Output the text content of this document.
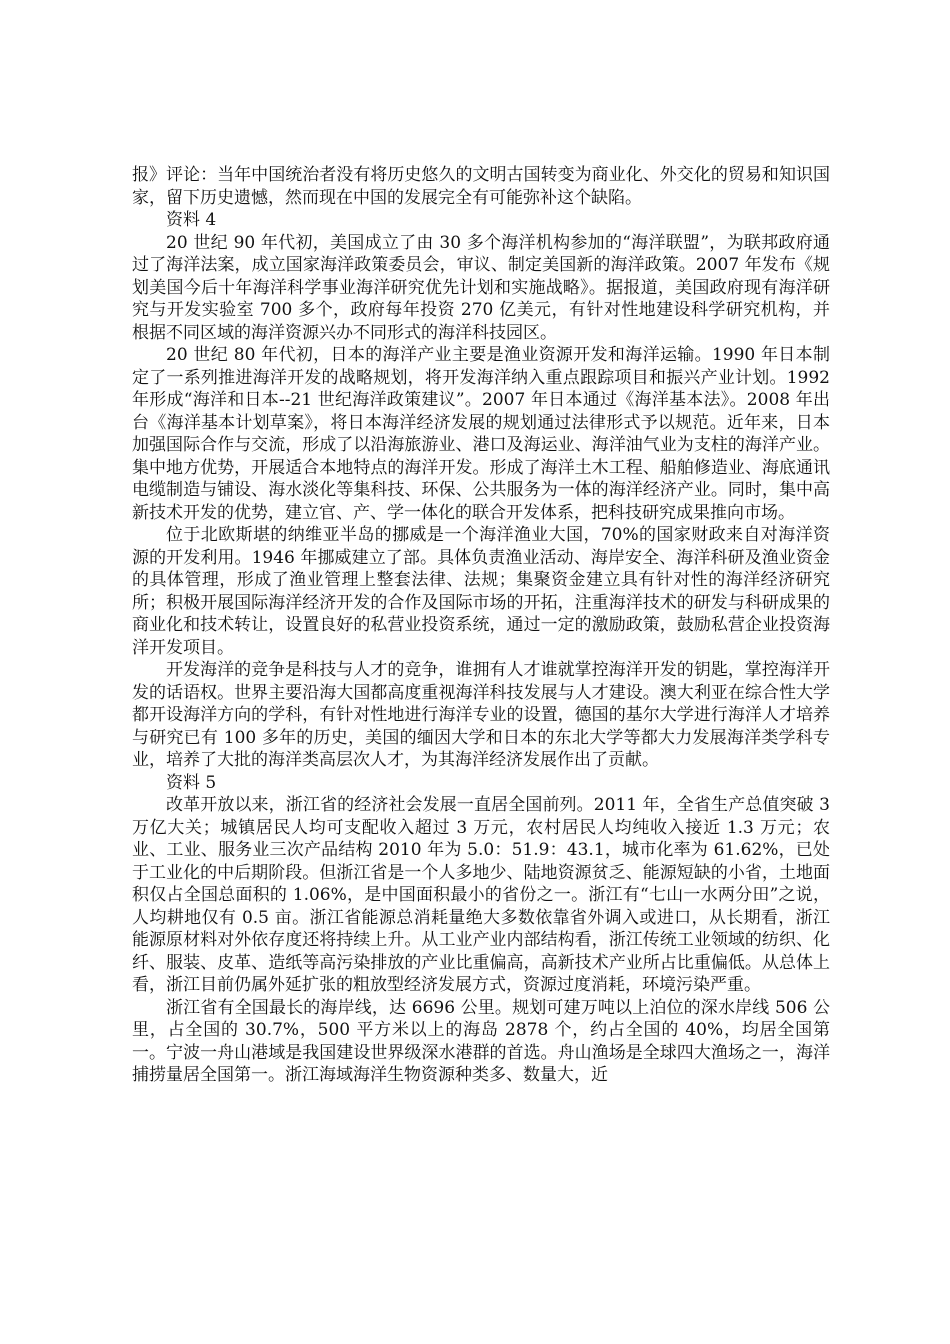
报》评论：当年中国统治者没有将历史悠久的文明古国转变为商业化、外交化的贸易和知识国家，留下历史遗憾，然而现在中国的发展完全有可能弥补这个缺陷。

资料 4

20 世纪 90 年代初，美国成立了由 30 多个海洋机构参加的“海洋联盟”，为联邦政府通过了海洋法案，成立国家海洋政策委员会，审议、制定美国新的海洋政策。2007 年发布《规划美国今后十年海洋科学事业海洋研究优先计划和实施战略》。据报道，美国政府现有海洋研究与开发实验室 700 多个，政府每年投资 270 亿美元，有针对性地建设科学研究机构，并根据不同区域的海洋资源兴办不同形式的海洋科技园区。

20 世纪 80 年代初，日本的海洋产业主要是渔业资源开发和海洋运输。1990 年日本制定了一系列推进海洋开发的战略规划，将开发海洋纳入重点跟踪项目和振兴产业计划。1992 年形成“海洋和日本--21 世纪海洋政策建议”。2007 年日本通过《海洋基本法》。2008 年出台《海洋基本计划草案》，将日本海洋经济发展的规划通过法律形式予以规范。近年来，日本加强国际合作与交流，形成了以沿海旅游业、港口及海运业、海洋油气业为支柱的海洋产业。集中地方优势，开展适合本地特点的海洋开发。形成了海洋土木工程、船舶修造业、海底通讯电缆制造与铺设、海水淡化等集科技、环保、公共服务为一体的海洋经济产业。同时，集中高新技术开发的优势，建立官、产、学一体化的联合开发体系，把科技研究成果推向市场。

位于北欧斯堪的纳维亚半岛的挪威是一个海洋渔业大国，70%的国家财政来自对海洋资源的开发利用。1946 年挪威建立了部。具体负责渔业活动、海岸安全、海洋科研及渔业资金的具体管理，形成了渔业管理上整套法律、法规；集聚资金建立具有针对性的海洋经济研究所；积极开展国际海洋经济开发的合作及国际市场的开拓，注重海洋技术的研发与科研成果的商业化和技术转让，设置良好的私营业投资系统，通过一定的激励政策，鼓励私营企业投资海洋开发项目。

开发海洋的竞争是科技与人才的竞争，谁拥有人才谁就掌控海洋开发的钥匙，掌控海洋开发的话语权。世界主要沿海大国都高度重视海洋科技发展与人才建设。澳大利亚在综合性大学都开设海洋方向的学科，有针对性地进行海洋专业的设置，德国的基尔大学进行海洋人才培养与研究已有 100 多年的历史，美国的缅因大学和日本的东北大学等都大力发展海洋类学科专业，培养了大批的海洋类高层次人才，为其海洋经济发展作出了贡献。

资料 5

改革开放以来，浙江省的经济社会发展一直居全国前列。2011 年，全省生产总值突破 3 万亿大关；城镇居民人均可支配收入超过 3 万元，农村居民人均纯收入接近 1.3 万元；农业、工业、服务业三次产品结构 2010 年为 5.0：51.9：43.1，城市化率为 61.62%，已处于工业化的中后期阶段。但浙江省是一个人多地少、陆地资源贫乏、能源短缺的小省，土地面积仅占全国总面积的 1.06%，是中国面积最小的省份之一。浙江有“七山一水两分田”之说，人均耕地仅有 0.5 亩。浙江省能源总消耗量绝大多数依靠省外调入或进口，从长期看，浙江能源原材料对外依存度还将持续上升。从工业产业内部结构看，浙江传统工业领域的纺织、化纤、服装、皮革、造纸等高污染排放的产业比重偏高，高新技术产业所占比重偏低。从总体上看，浙江目前仍属外延扩张的粗放型经济发展方式，资源过度消耗，环境污染严重。

浙江省有全国最长的海岸线，达 6696 公里。规划可建万吨以上泊位的深水岸线 506 公里，占全国的 30.7%，500 平方米以上的海岛 2878 个，约占全国的 40%，均居全国第一。宁波一舟山港域是我国建设世界级深水港群的首选。舟山渔场是全球四大渔场之一，海洋捕捞量居全国第一。浙江海域海洋生物资源种类多、数量大，近
